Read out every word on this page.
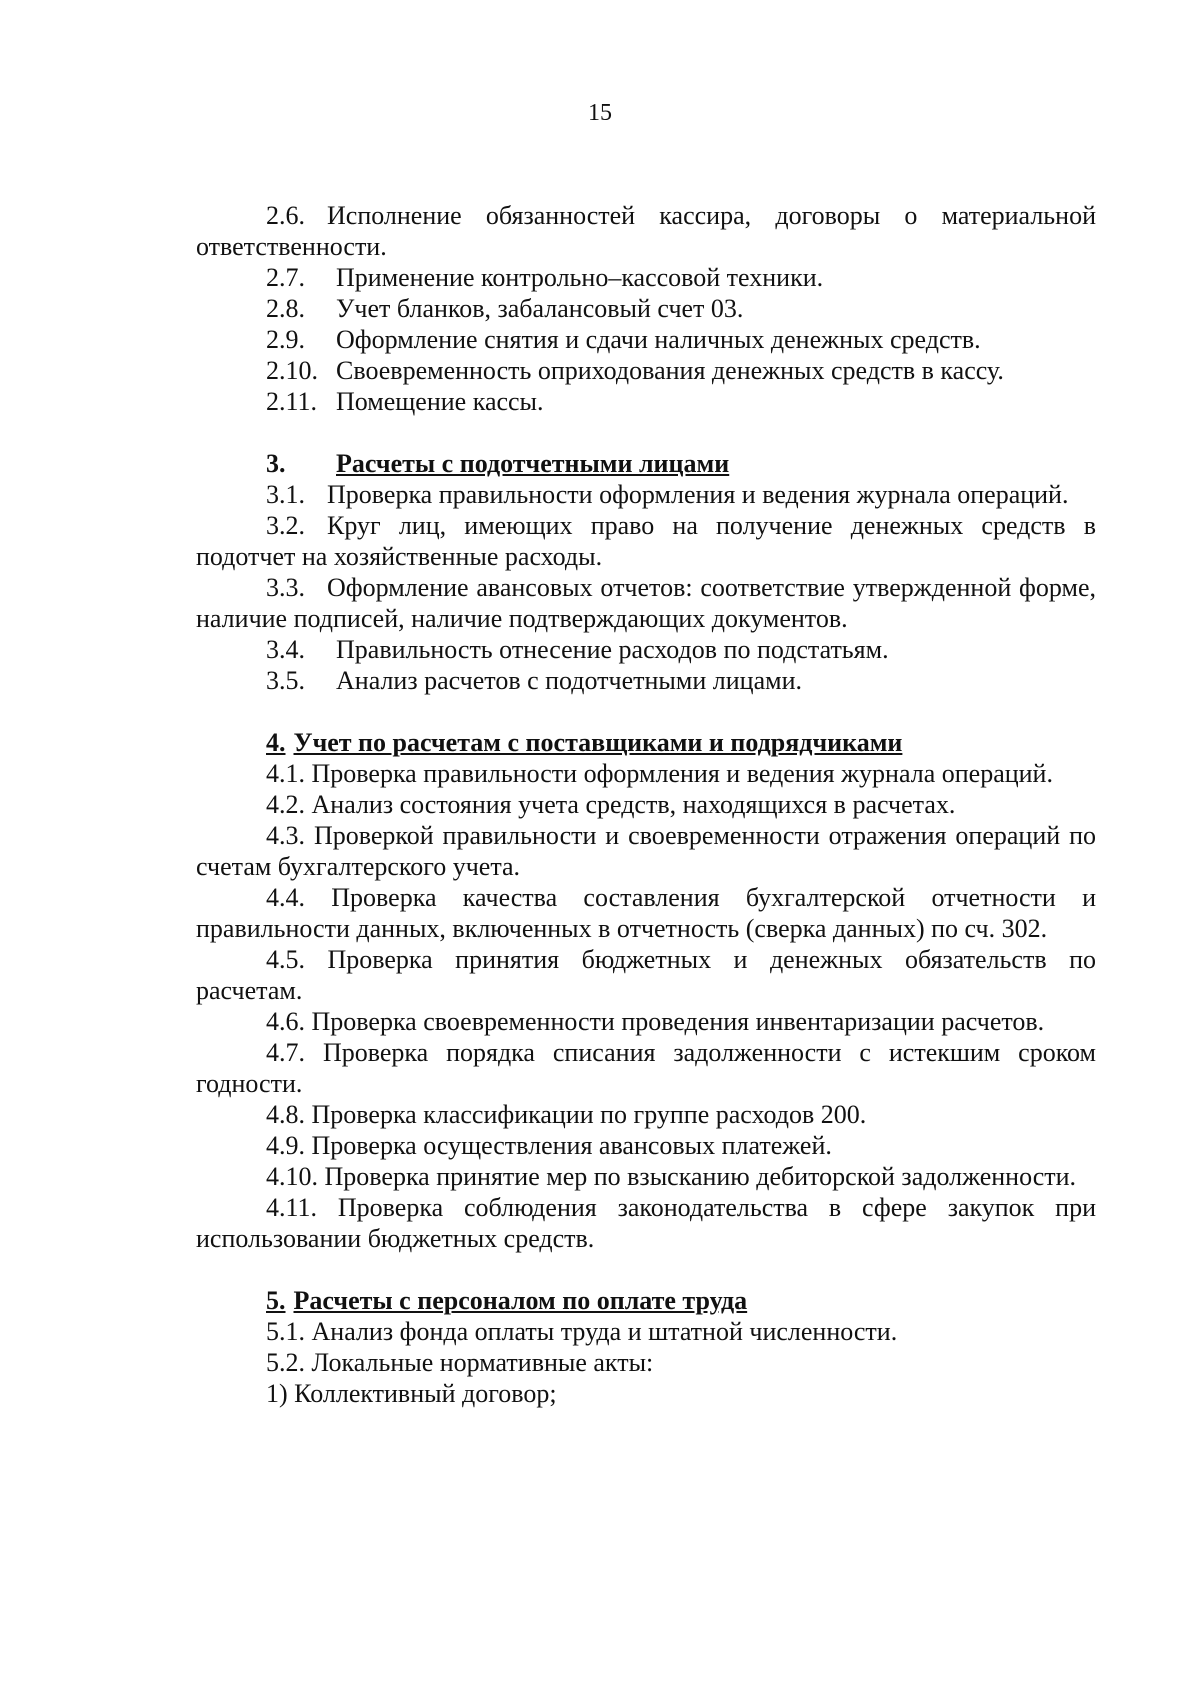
15

2.6. Исполнение обязанностей кассира, договоры о материальной ответственности.

2.7.	Применение контрольно–кассовой техники.

2.8.	Учет бланков, забалансовый счет 03.

2.9.	Оформление снятия и сдачи наличных денежных средств.

2.10. Своевременность оприходования денежных средств в кассу.

2.11. Помещение кассы.

3. Расчеты с подотчетными лицами

3.1. Проверка правильности оформления и ведения журнала операций.

3.2. Круг лиц, имеющих право на получение денежных средств в подотчет на хозяйственные расходы.

3.3. Оформление авансовых отчетов: соответствие утвержденной форме, наличие подписей, наличие подтверждающих документов.

3.4.	Правильность отнесение расходов по подстатьям.

3.5.	Анализ расчетов с подотчетными лицами.

4. Учет по расчетам с поставщиками и подрядчиками

4.1. Проверка правильности оформления и ведения журнала операций.

4.2. Анализ состояния учета средств, находящихся в расчетах.

4.3. Проверкой правильности и своевременности отражения операций по счетам бухгалтерского учета.

4.4. Проверка качества составления бухгалтерской отчетности и правильности данных, включенных в отчетность (сверка данных) по сч. 302.

4.5. Проверка принятия бюджетных и денежных обязательств по расчетам.

4.6. Проверка своевременности проведения инвентаризации расчетов.

4.7. Проверка порядка списания задолженности с истекшим сроком годности.

4.8. Проверка классификации по группе расходов 200.

4.9. Проверка осуществления авансовых платежей.

4.10. Проверка принятие мер по взысканию дебиторской задолженности.

4.11. Проверка соблюдения законодательства в сфере закупок при использовании бюджетных средств.

5. Расчеты с персоналом по оплате труда

5.1. Анализ фонда оплаты труда и штатной численности.

5.2. Локальные нормативные акты:

1) Коллективный договор;
